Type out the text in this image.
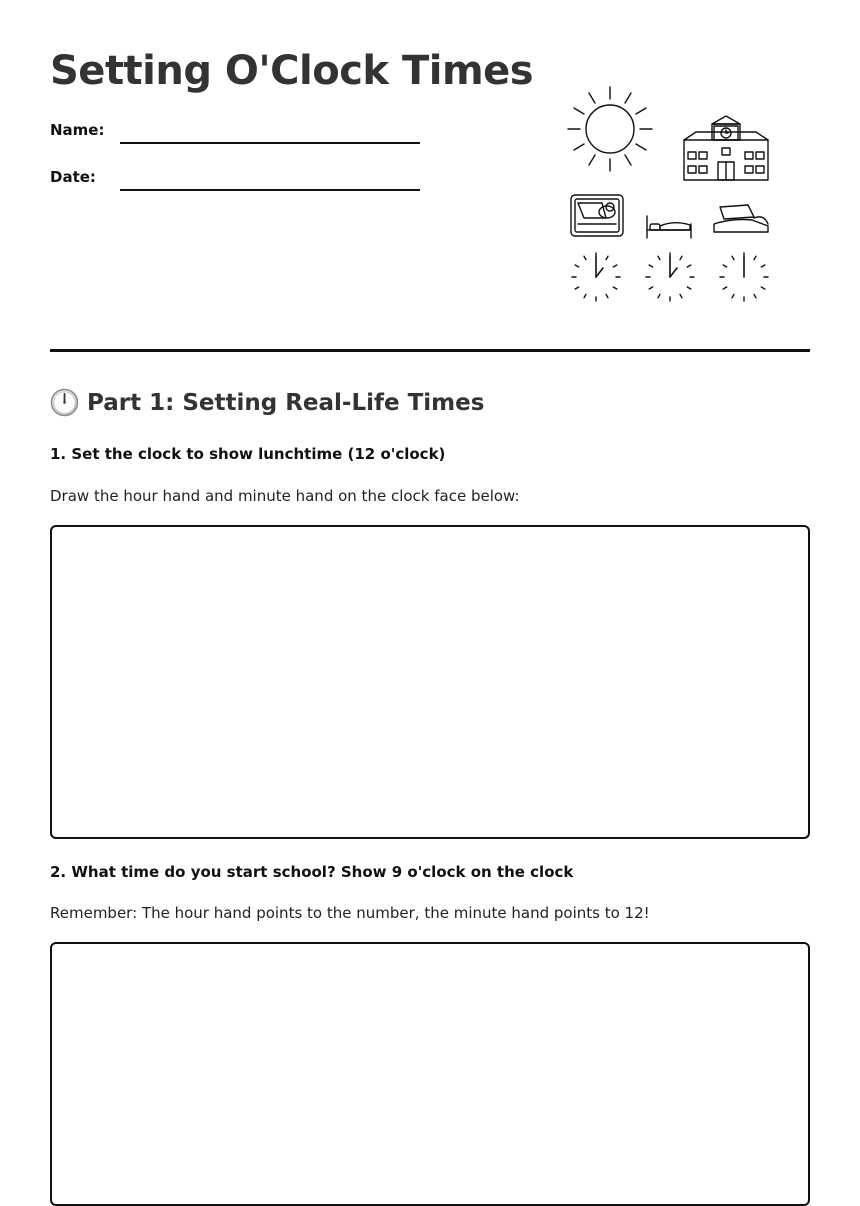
Setting O'Clock Times
Name:
Date:
Part 1: Setting Real-Life Times

1. Set the clock to show lunchtime (12 o'clock)

Draw the hour hand and minute hand on the clock face below:

2. What time do you start school? Show 9 o'clock on the clock

Remember: The hour hand points to the number, the minute hand points to 12!
